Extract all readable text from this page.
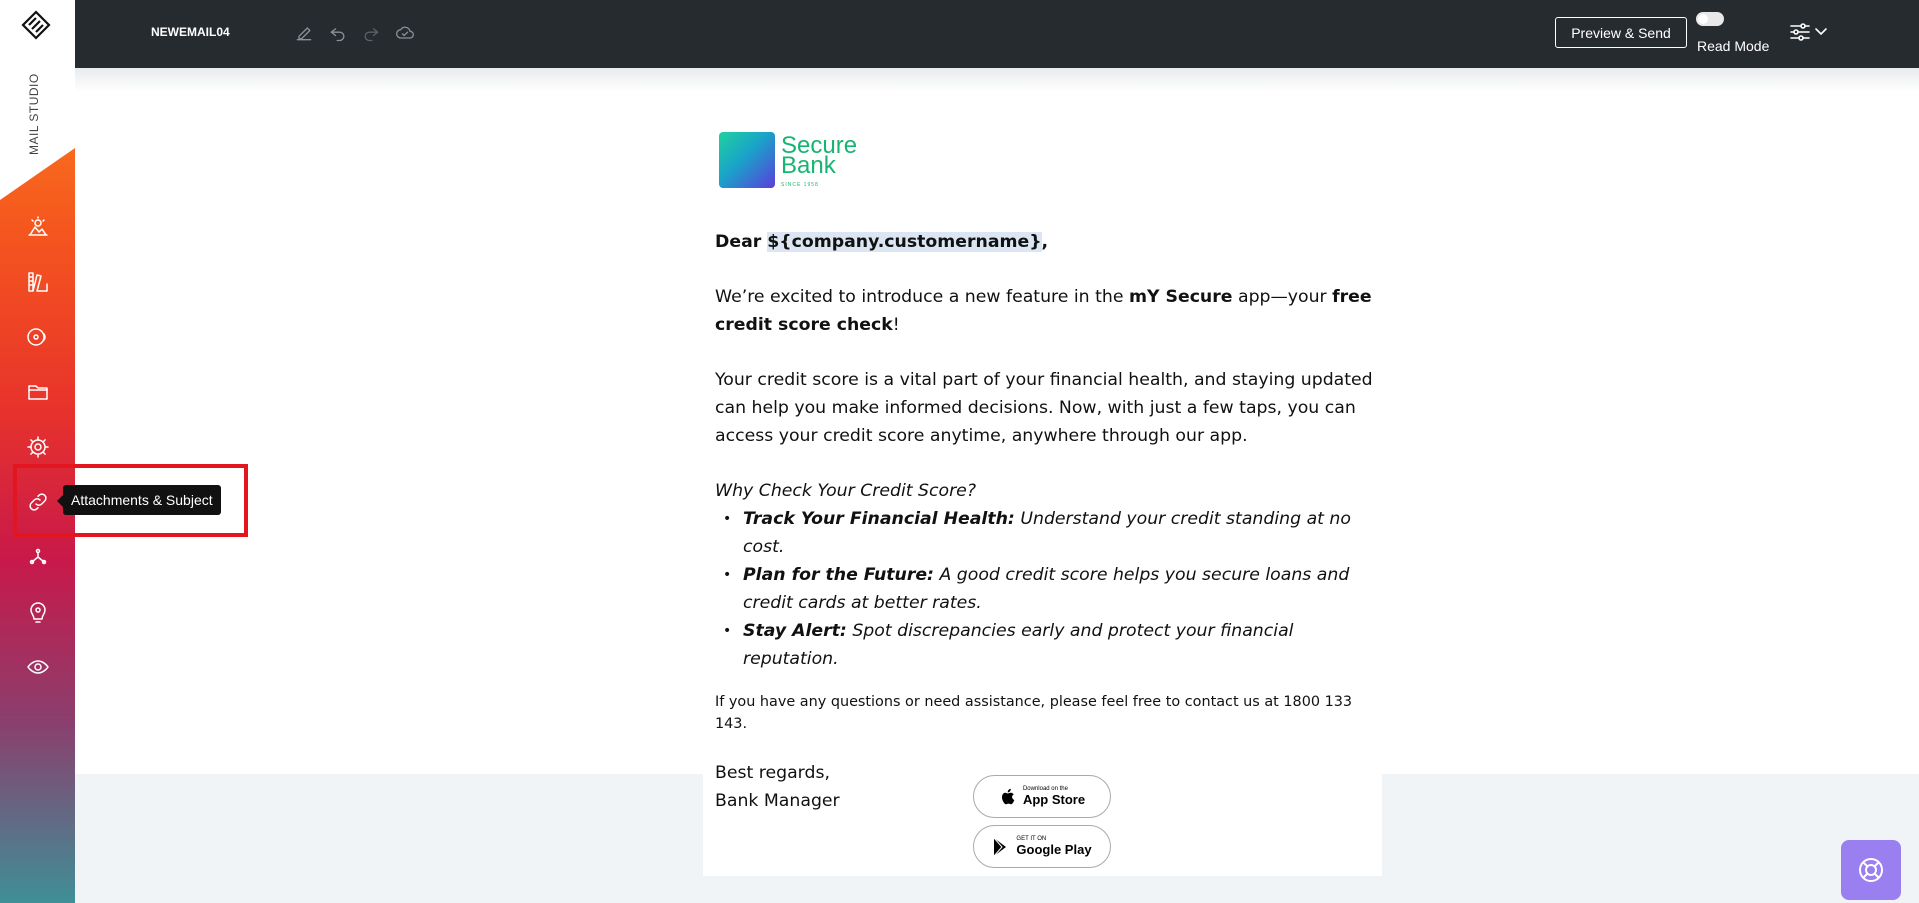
MAIL STUDIO
NEWEMAIL04	Preview & Send
Read Mode
Secure
Bank
SINCE 1958

Dear ${company.customername},

We’re excited to introduce a new feature in the mY Secure app—your free credit score check!

Your credit score is a vital part of your financial health, and staying updated can help you make informed decisions. Now, with just a few taps, you can access your credit score anytime, anywhere through our app.

Why Check Your Credit Score?
• Track Your Financial Health: Understand your credit standing at no cost.
• Plan for the Future: A good credit score helps you secure loans and credit cards at better rates.
• Stay Alert: Spot discrepancies early and protect your financial reputation.

If you have any questions or need assistance, please feel free to contact us at 1800 133 143.

Best regards,
Bank Manager
Download on the
App Store
GET IT ON
Google Play
Attachments & Subject
